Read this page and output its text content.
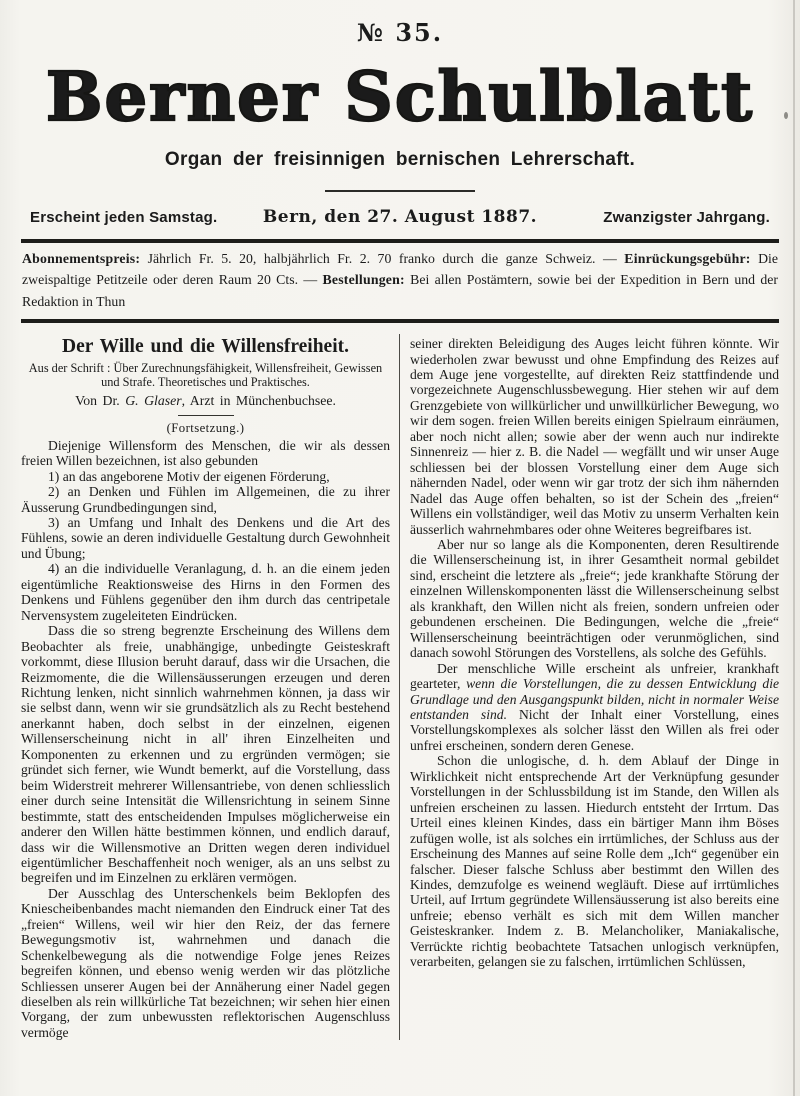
№ 35.
Berner Schulblatt
Organ der freisinnigen bernischen Lehrerschaft.
Erscheint jeden Samstag.	Bern, den 27. August 1887.	Zwanzigster Jahrgang.
Abonnementspreis: Jährlich Fr. 5. 20, halbjährlich Fr. 2. 70 franko durch die ganze Schweiz. — Einrückungsgebühr: Die zweispaltige Petitzeile oder deren Raum 20 Cts. — Bestellungen: Bei allen Postämtern, sowie bei der Expedition in Bern und der Redaktion in Thun
Der Wille und die Willensfreiheit.
Aus der Schrift : Über Zurechnungsfähigkeit, Willensfreiheit, Gewissen und Strafe. Theoretisches und Praktisches.
Von Dr. G. Glaser, Arzt in Münchenbuchsee.
(Fortsetzung.)

Diejenige Willensform des Menschen, die wir als dessen freien Willen bezeichnen, ist also gebunden

1) an das angeborene Motiv der eigenen Förderung,

2) an Denken und Fühlen im Allgemeinen, die zu ihrer Äusserung Grundbedingungen sind,

3) an Umfang und Inhalt des Denkens und die Art des Fühlens, sowie an deren individuelle Gestaltung durch Gewohnheit und Übung;

4) an die individuelle Veranlagung, d. h. an die einem jeden eigentümliche Reaktionsweise des Hirns in den Formen des Denkens und Fühlens gegenüber den ihm durch das centripetale Nervensystem zugeleiteten Eindrücken.

Dass die so streng begrenzte Erscheinung des Willens dem Beobachter als freie, unabhängige, unbedingte Geisteskraft vorkommt, diese Illusion beruht darauf, dass wir die Ursachen, die Reizmomente, die die Willensäusserungen erzeugen und deren Richtung lenken, nicht sinnlich wahrnehmen können, ja dass wir sie selbst dann, wenn wir sie grundsätzlich als zu Recht bestehend anerkannt haben, doch selbst in der einzelnen, eigenen Willenserscheinung nicht in all' ihren Einzelheiten und Komponenten zu erkennen und zu ergründen vermögen; sie gründet sich ferner, wie Wundt bemerkt, auf die Vorstellung, dass beim Widerstreit mehrerer Willensantriebe, von denen schliesslich einer durch seine Intensität die Willensrichtung in seinem Sinne bestimmte, statt des entscheidenden Impulses möglicherweise ein anderer den Willen hätte bestimmen können, und endlich darauf, dass wir die Willensmotive an Dritten wegen deren individuel eigentümlicher Beschaffenheit noch weniger, als an uns selbst zu begreifen und im Einzelnen zu erklären vermögen.

Der Ausschlag des Unterschenkels beim Beklopfen des Kniescheibenbandes macht niemanden den Eindruck einer Tat des „freien“ Willens, weil wir hier den Reiz, der das fernere Bewegungsmotiv ist, wahrnehmen und danach die Schenkelbewegung als die notwendige Folge jenes Reizes begreifen können, und ebenso wenig werden wir das plötzliche Schliessen unserer Augen bei der Annäherung einer Nadel gegen dieselben als rein willkürliche Tat bezeichnen; wir sehen hier einen Vorgang, der zum unbewussten reflektorischen Augenschluss vermöge

seiner direkten Beleidigung des Auges leicht führen könnte. Wir wiederholen zwar bewusst und ohne Empfindung des Reizes auf dem Auge jene vorgestellte, auf direkten Reiz stattfindende und vorgezeichnete Augenschlussbewegung. Hier stehen wir auf dem Grenzgebiete von willkürlicher und unwillkürlicher Bewegung, wo wir dem sogen. freien Willen bereits einigen Spielraum einräumen, aber noch nicht allen; sowie aber der wenn auch nur indirekte Sinnenreiz — hier z. B. die Nadel — wegfällt und wir unser Auge schliessen bei der blossen Vorstellung einer dem Auge sich nähernden Nadel, oder wenn wir gar trotz der sich ihm nähernden Nadel das Auge offen behalten, so ist der Schein des „freien“ Willens ein vollständiger, weil das Motiv zu unserm Verhalten kein äusserlich wahrnehmbares oder ohne Weiteres begreifbares ist.

Aber nur so lange als die Komponenten, deren Resultirende die Willenserscheinung ist, in ihrer Gesamtheit normal gebildet sind, erscheint die letztere als „freie“; jede krankhafte Störung der einzelnen Willenskomponenten lässt die Willenserscheinung selbst als krankhaft, den Willen nicht als freien, sondern unfreien oder gebundenen erscheinen. Die Bedingungen, welche die „freie“ Willenserscheinung beeinträchtigen oder verunmöglichen, sind danach sowohl Störungen des Vorstellens, als solche des Gefühls.

Der menschliche Wille erscheint als unfreier, krankhaft gearteter, wenn die Vorstellungen, die zu dessen Entwicklung die Grundlage und den Ausgangspunkt bilden, nicht in normaler Weise entstanden sind. Nicht der Inhalt einer Vorstellung, eines Vorstellungskomplexes als solcher lässt den Willen als frei oder unfrei erscheinen, sondern deren Genese.

Schon die unlogische, d. h. dem Ablauf der Dinge in Wirklichkeit nicht entsprechende Art der Verknüpfung gesunder Vorstellungen in der Schlussbildung ist im Stande, den Willen als unfreien erscheinen zu lassen. Hiedurch entsteht der Irrtum. Das Urteil eines kleinen Kindes, dass ein bärtiger Mann ihm Böses zufügen wolle, ist als solches ein irrtümliches, der Schluss aus der Erscheinung des Mannes auf seine Rolle dem „Ich“ gegenüber ein falscher. Dieser falsche Schluss aber bestimmt den Willen des Kindes, demzufolge es weinend wegläuft. Diese auf irrtümliches Urteil, auf Irrtum gegründete Willensäusserung ist also bereits eine unfreie; ebenso verhält es sich mit dem Willen mancher Geisteskranker. Indem z. B. Melancholiker, Maniakalische, Verrückte richtig beobachtete Tatsachen unlogisch verknüpfen, verarbeiten, gelangen sie zu falschen, irrtümlichen Schlüssen,
